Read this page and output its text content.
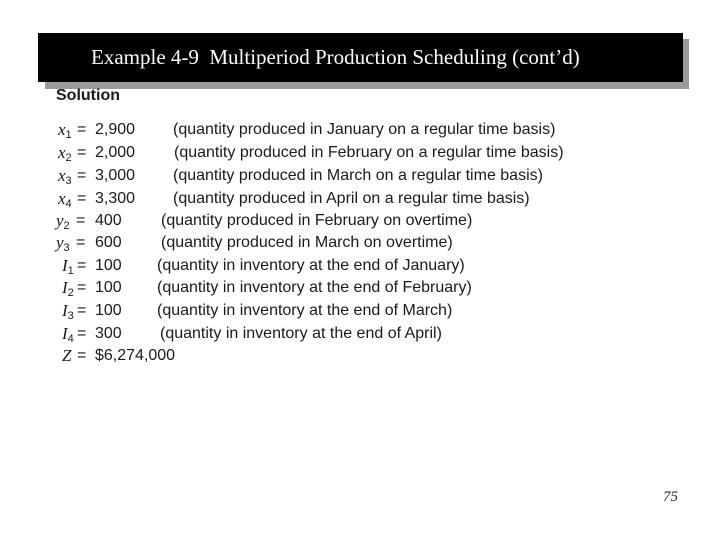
Example 4-9  Multiperiod Production Scheduling (cont’d)
Solution
$x_1 = 2,900$ (quantity produced in January on a regular time basis)
$x_2 = 2,000$ (quantity produced in February on a regular time basis)
$x_3 = 3,000$ (quantity produced in March on a regular time basis)
$x_4 = 3,300$ (quantity produced in April on a regular time basis)
$y_2 = 400$ (quantity produced in February on overtime)
$y_3 = 600$ (quantity produced in March on overtime)
$I_1 = 100$ (quantity in inventory at the end of January)
$I_2 = 100$ (quantity in inventory at the end of February)
$I_3 = 100$ (quantity in inventory at the end of March)
$I_4 = 300$ (quantity in inventory at the end of April)
Z = $6,274,000
75
